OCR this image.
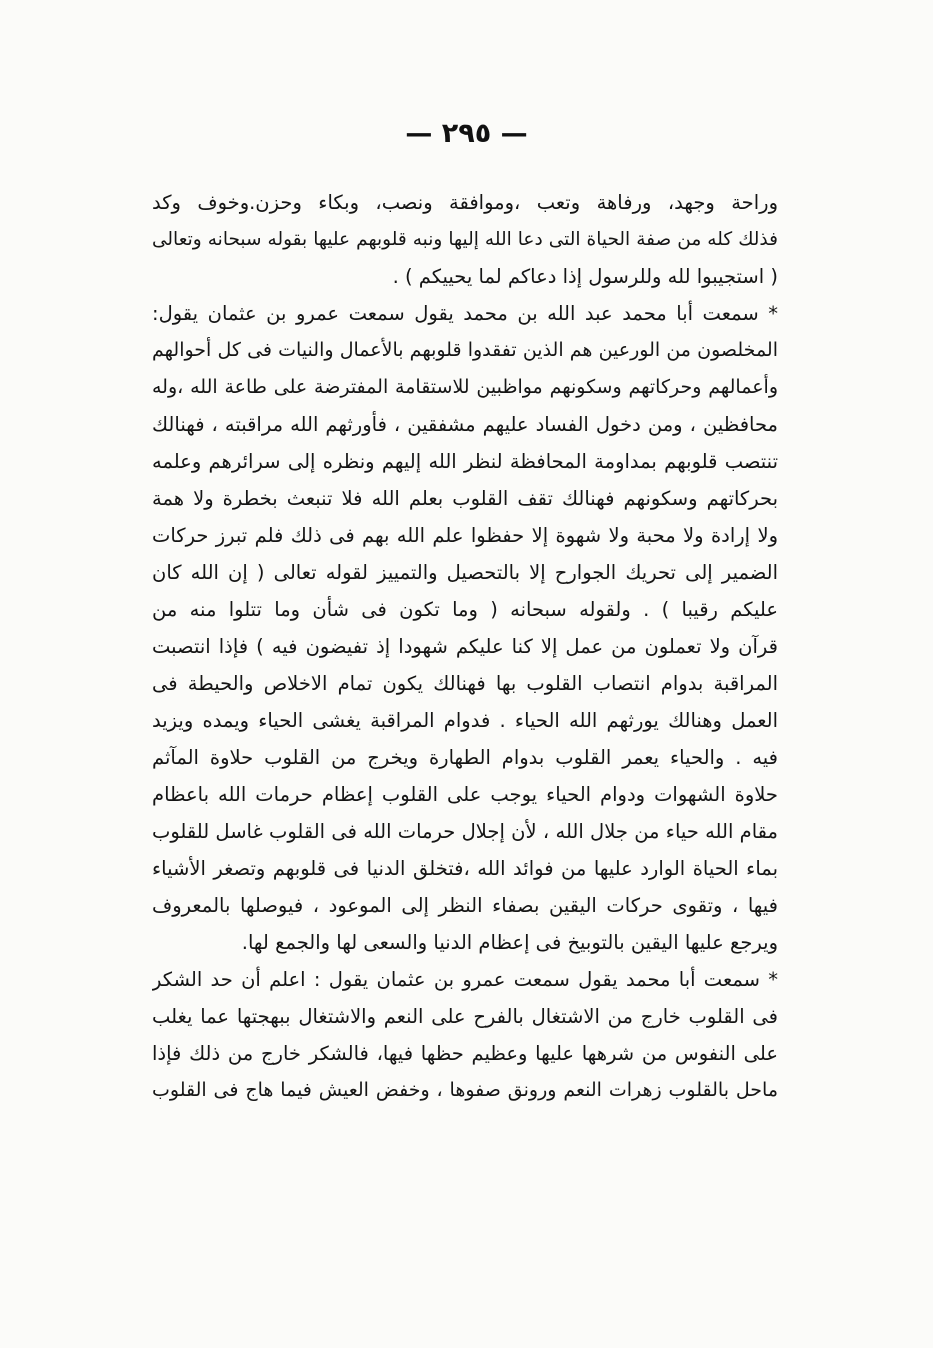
— ٢٩٥ —
وراحة وجهد، ورفاهة وتعب ،وموافقة ونصب، وبكاء وحزن.وخوف وكد
فذلك كله من صفة الحياة التى دعا الله إليها ونبه قلوبهم عليها بقوله سبحانه وتعالى
( استجيبوا لله وللرسول إذا دعاكم لما يحييكم ) .
* سمعت أبا محمد عبد الله بن محمد يقول سمعت عمرو بن عثمان يقول:
المخلصون من الورعين هم الذين تفقدوا قلوبهم بالأعمال والنيات فى كل أحوالهم
وأعمالهم وحركاتهم وسكونهم مواظبين للاستقامة المفترضة على طاعة الله ،وله
محافظين ، ومن دخول الفساد عليهم مشفقين ، فأورثهم الله مراقبته ، فهنالك
تنتصب قلوبهم بمداومة المحافظة لنظر الله إليهم ونظره إلى سرائرهم وعلمه
بحركاتهم وسكونهم فهنالك تقف القلوب بعلم الله فلا تنبعث بخطرة ولا همة
ولا إرادة ولا محبة ولا شهوة إلا حفظوا علم الله بهم فى ذلك فلم تبرز حركات
الضمير إلى تحريك الجوارح إلا بالتحصيل والتمييز لقوله تعالى ( إن الله كان
عليكم رقيبا ) . ولقوله سبحانه ( وما تكون فى شأن وما تتلوا منه من
قرآن ولا تعملون من عمل إلا كنا عليكم شهودا إذ تفيضون فيه ) فإذا انتصبت
المراقبة بدوام انتصاب القلوب بها فهنالك يكون تمام الاخلاص والحيطة فى
العمل وهنالك يورثهم الله الحياء . فدوام المراقبة يغشى الحياء ويمده ويزيد
فيه . والحياء يعمر القلوب بدوام الطهارة ويخرج من القلوب حلاوة المآثم
حلاوة الشهوات ودوام الحياء يوجب على القلوب إعظام حرمات الله باعظام
مقام الله حياء من جلال الله ، لأن إجلال حرمات الله فى القلوب غاسل للقلوب
بماء الحياة الوارد عليها من فوائد الله ،فتخلق الدنيا فى قلوبهم وتصغر الأشياء
فيها ، وتقوى حركات اليقين بصفاء النظر إلى الموعود ، فيوصلها بالمعروف
ويرجع عليها اليقين بالتوبيخ فى إعظام الدنيا والسعى لها والجمع لها.
* سمعت أبا محمد يقول سمعت عمرو بن عثمان يقول : اعلم أن حد الشكر
فى القلوب خارج من الاشتغال بالفرح على النعم والاشتغال ببهجتها عما يغلب
على النفوس من شرهها عليها وعظيم حظها فيها، فالشكر خارج من ذلك فإذا
ماحل بالقلوب زهرات النعم ورونق صفوها ، وخفض العيش فيما هاج فى القلوب
